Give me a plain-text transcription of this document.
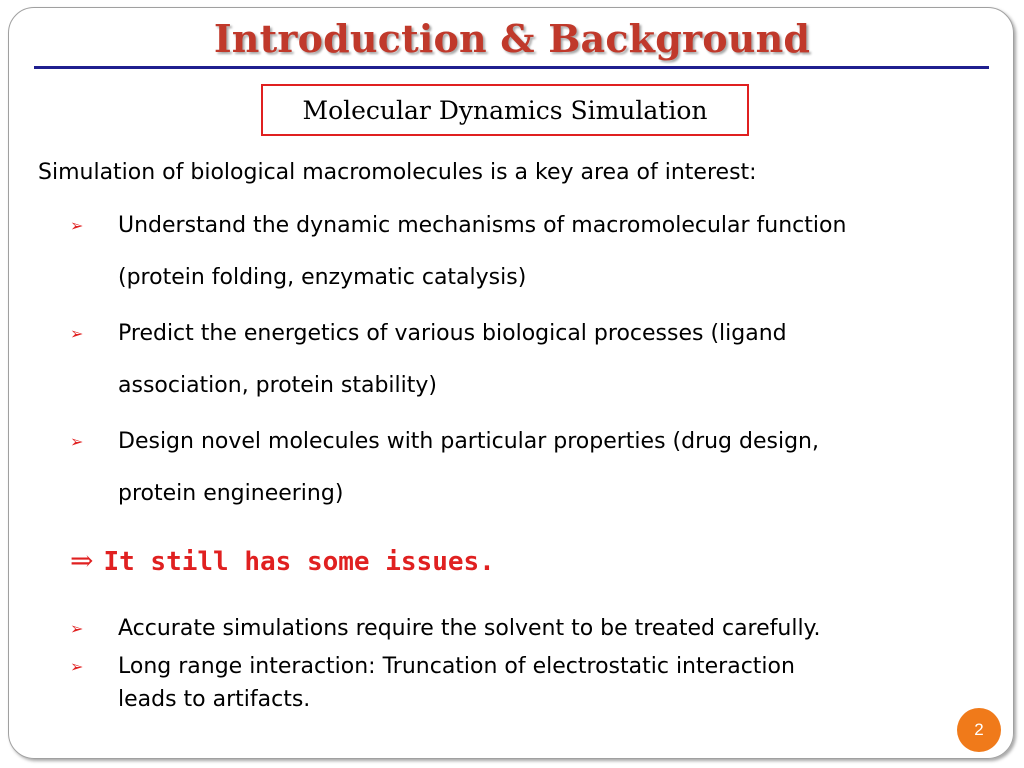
Introduction & Background
Molecular Dynamics Simulation
Simulation of biological macromolecules is a key area of interest:
➢	Understand the dynamic mechanisms of macromolecular function
(protein folding, enzymatic catalysis)
➢	Predict the energetics of various biological processes (ligand
association, protein stability)
➢	Design novel molecules with particular properties (drug design,
protein engineering)
⇒ It still has some issues.
➢	Accurate simulations require the solvent to be treated carefully.
➢	Long range interaction: Truncation of electrostatic interaction
leads to artifacts.
2
